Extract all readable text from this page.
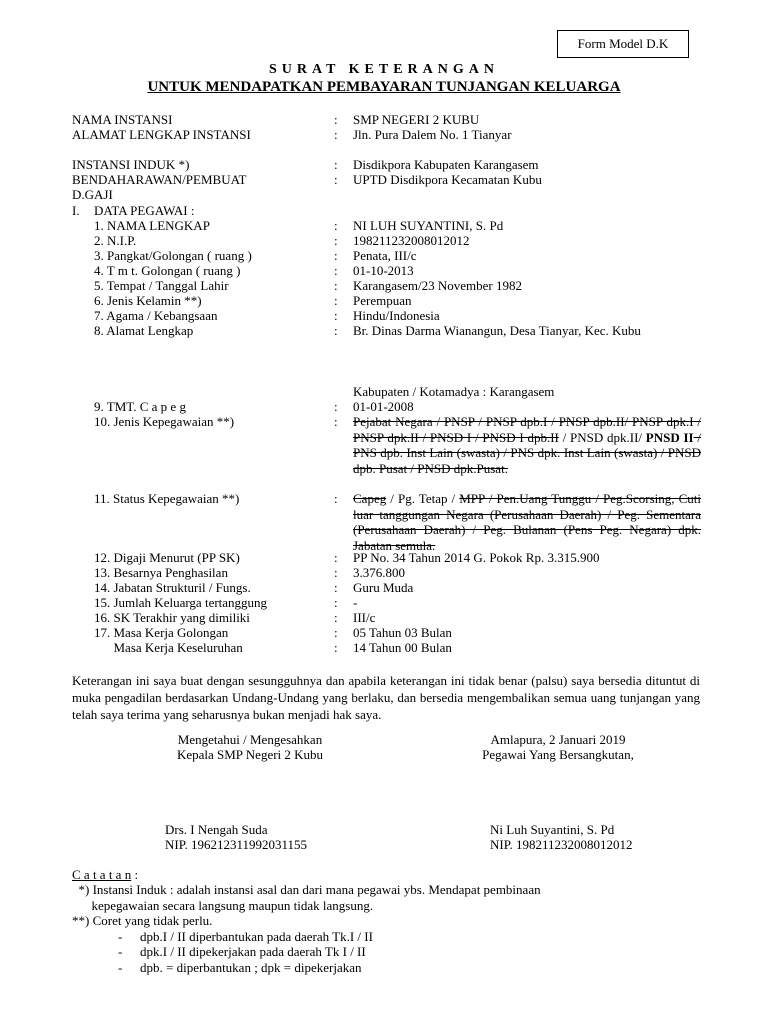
Form Model D.K
SURAT KETERANGAN
UNTUK MENDAPATKAN PEMBAYARAN TUNJANGAN KELUARGA
NAMA INSTANSI	: SMP NEGERI 2 KUBU
ALAMAT LENGKAP INSTANSI	: Jln. Pura Dalem No. 1 Tianyar
INSTANSI INDUK *)	: Disdikpora Kabupaten Karangasem
BENDAHARAWAN/PEMBUAT	: UPTD Disdikpora Kecamatan Kubu
D.GAJI
I. DATA PEGAWAI :
1. NAMA LENGKAP	: NI LUH SUYANTINI, S. Pd
2. N.I.P.	: 198211232008012012
3. Pangkat/Golongan ( ruang )	: Penata, III/c
4. T m t. Golongan ( ruang )	: 01-10-2013
5. Tempat / Tanggal Lahir	: Karangasem/23 November 1982
6. Jenis Kelamin **)	: Perempuan
7. Agama / Kebangsaan	: Hindu/Indonesia
8. Alamat Lengkap	: Br. Dinas Darma Wianangun, Desa Tianyar, Kec. Kubu
Kabupaten / Kotamadya : Karangasem
9. TMT. C a p e g	: 01-01-2008
10. Jenis Kepegawaian **)	: Pejabat Negara / PNSP / PNSP dpb.I / PNSP dpb.II/ PNSP dpk.I / PNSP dpk.II / PNSD I / PNSD I dpb.II / PNSD dpk.II/ PNSD II / PNS dpb. Inst Lain (swasta) / PNS dpk. Inst Lain (swasta) / PNSD dpb. Pusat / PNSD dpk.Pusat.
11. Status Kepegawaian **)	: Capeg / Pg. Tetap / MPP / Pen.Uang Tunggu / Peg.Scorsing, Cuti luar tanggungan Negara (Perusahaan Daerah) / Peg. Sementara (Perusahaan Daerah) / Peg. Bulanan (Pens Peg. Negara) dpk. Jabatan semula.
12. Digaji Menurut (PP SK)	: PP No. 34 Tahun 2014 G. Pokok Rp. 3.315.900
13. Besarnya Penghasilan	: 3.376.800
14. Jabatan Strukturil / Fungs.	: Guru Muda
15. Jumlah Keluarga tertanggung	: -
16. SK Terakhir yang dimiliki	: III/c
17. Masa Kerja Golongan	: 05 Tahun 03 Bulan
Masa Kerja Keseluruhan	: 14 Tahun 00 Bulan
Keterangan ini saya buat dengan sesungguhnya dan apabila keterangan ini tidak benar (palsu) saya bersedia dituntut di muka pengadilan berdasarkan Undang-Undang yang berlaku, dan bersedia mengembalikan semua uang tunjangan yang telah saya terima yang seharusnya bukan menjadi hak saya.
Mengetahui / Mengesahkan
Kepala SMP Negeri 2 Kubu
Amlapura, 2 Januari 2019
Pegawai Yang Bersangkutan,
Drs. I Nengah Suda
NIP. 196212311992031155
Ni Luh Suyantini, S. Pd
NIP. 198211232008012012
C a t a t a n :
*) Instansi Induk : adalah instansi asal dan dari mana pegawai ybs. Mendapat pembinaan
kepegawaian secara langsung maupun tidak langsung.
**) Coret yang tidak perlu.
- dpb.I / II diperbantukan pada daerah Tk.I / II
- dpk.I / II dipekerjakan pada daerah Tk I / II
- dpb. = diperbantukan ; dpk = dipekerjakan
